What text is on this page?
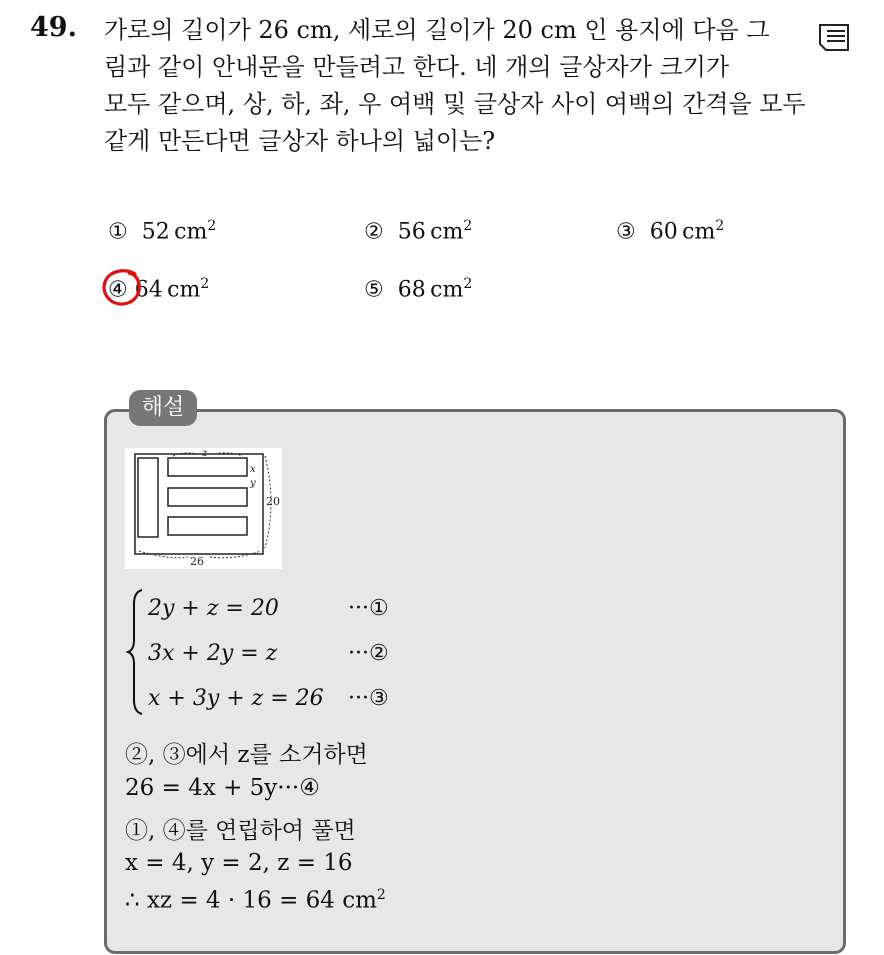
49. 가로의 길이가 26 cm, 세로의 길이가 20 cm 인 용지에 다음 그
림과 같이 안내문을 만들려고 한다. 네 개의 글상자가 크기가
모두 같으며, 상, 하, 좌, 우 여백 및 글상자 사이 여백의 간격을 모두
같게 만든다면 글상자 하나의 넓이는?
① 52  $cm^2$	② 56  $cm^2$	③ 60  $cm^2$
④ 64  $cm^2$	⑤ 68  $cm^2$
해설
z
x
y
20
26
2y + z = 20	···①
3x + 2y = z	···②
x + 3y + z = 26 ···③
②, ③에서 z를 소거하면
26 = 4x + 5y···④
①, ④를 연립하여 풀면
x = 4, y = 2, z = 16
∴ xz = 4 · 16 = 64 $cm^2$
